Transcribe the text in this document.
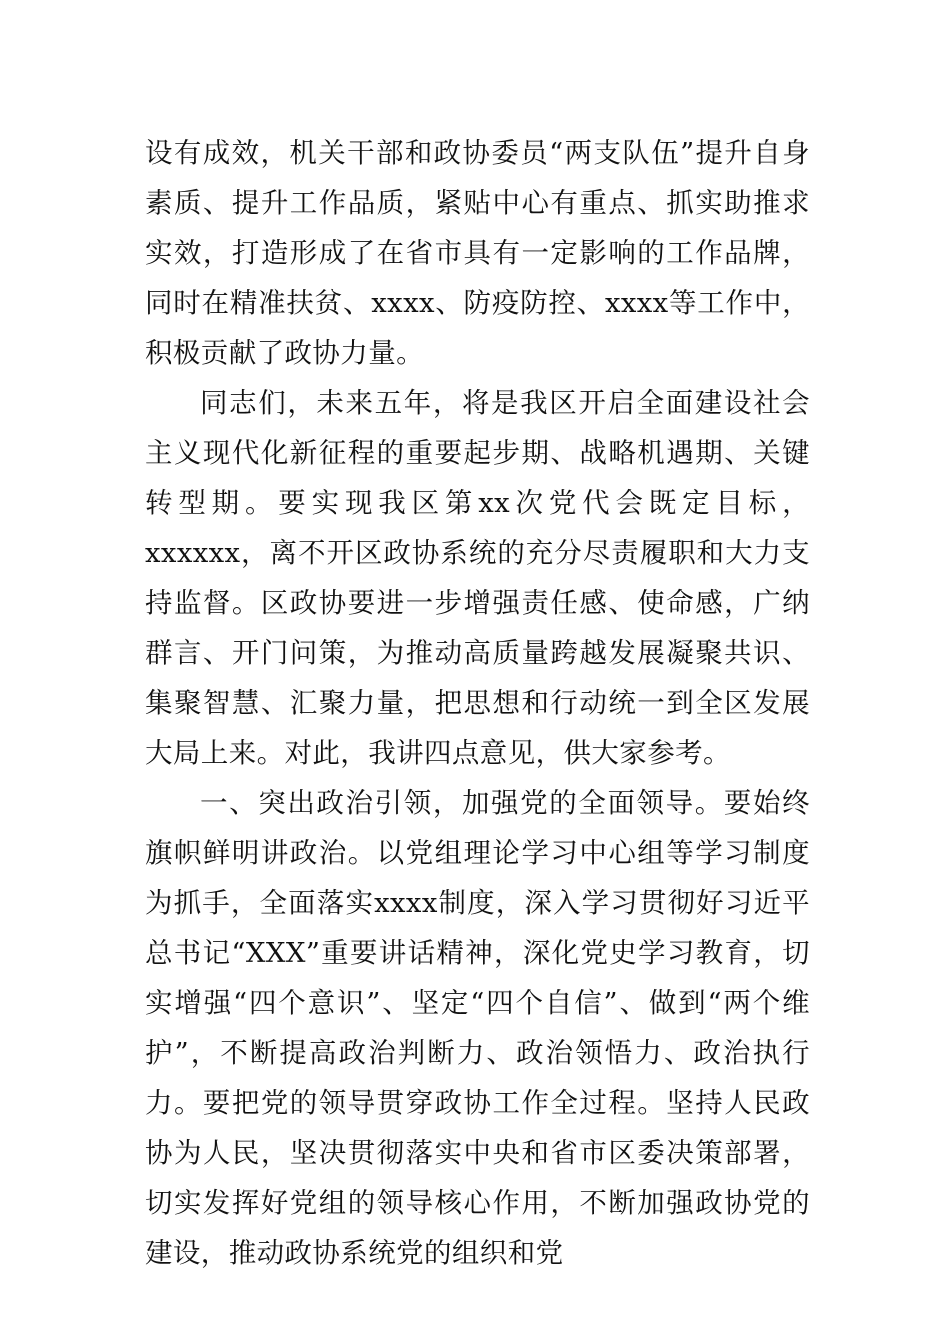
设有成效，机关干部和政协委员“两支队伍”提升自身素质、提升工作品质，紧贴中心有重点、抓实助推求实效，打造形成了在省市具有一定影响的工作品牌，同时在精准扶贫、xxxx、防疫防控、xxxx等工作中，积极贡献了政协力量。

同志们，未来五年，将是我区开启全面建设社会主义现代化新征程的重要起步期、战略机遇期、关键转型期。要实现我区第xx次党代会既定目标，xxxxxx，离不开区政协系统的充分尽责履职和大力支持监督。区政协要进一步增强责任感、使命感，广纳群言、开门问策，为推动高质量跨越发展凝聚共识、集聚智慧、汇聚力量，把思想和行动统一到全区发展大局上来。对此，我讲四点意见，供大家参考。

一、突出政治引领，加强党的全面领导。要始终旗帜鲜明讲政治。以党组理论学习中心组等学习制度为抓手，全面落实xxxx制度，深入学习贯彻好习近平总书记“XXX”重要讲话精神，深化党史学习教育，切实增强“四个意识”、坚定“四个自信”、做到“两个维护”，不断提高政治判断力、政治领悟力、政治执行力。要把党的领导贯穿政协工作全过程。坚持人民政协为人民，坚决贯彻落实中央和省市区委决策部署，切实发挥好党组的领导核心作用，不断加强政协党的建设，推动政协系统党的组织和党
